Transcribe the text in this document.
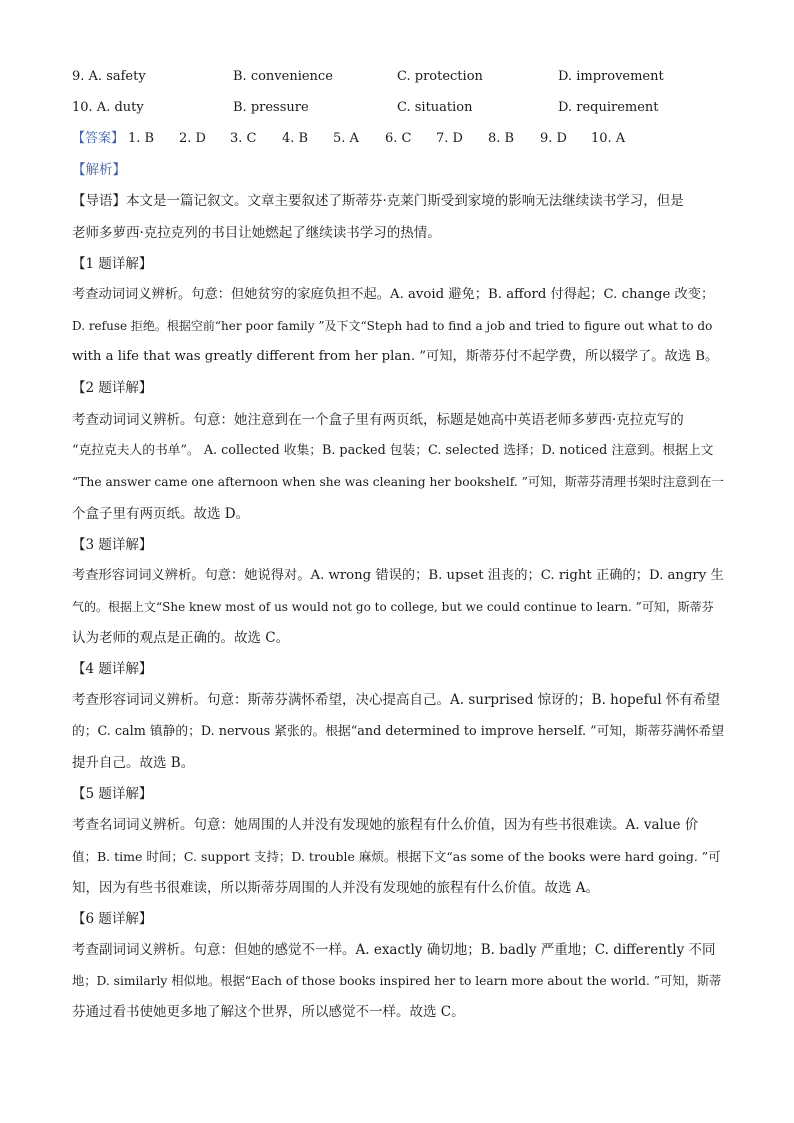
9. A. safety	B. convenience	C. protection	D. improvement
10. A. duty	B. pressure	C. situation	D. requirement
【答案】 1. B 2. D 3. C 4. B 5. A 6. C 7. D 8. B 9. D 10. A
【解析】
【导语】本文是一篇记叙文。文章主要叙述了斯蒂芬·克莱门斯受到家境的影响无法继续读书学习，但是
老师多萝西·克拉克列的书目让她燃起了继续读书学习的热情。
【1 题详解】
考查动词词义辨析。句意：但她贫穷的家庭负担不起。A. avoid 避免；B. afford 付得起；C. change 改变；
D. refuse 拒绝。根据空前“her poor family ”及下文“Steph had to find a job and tried to figure out what to do
with a life that was greatly different from her plan. ”可知，斯蒂芬付不起学费，所以辍学了。故选 B。
【2 题详解】
考查动词词义辨析。句意：她注意到在一个盒子里有两页纸，标题是她高中英语老师多萝西·克拉克写的
“克拉克夫人的书单”。 A. collected 收集；B. packed 包装；C. selected 选择；D. noticed 注意到。根据上文
“The answer came one afternoon when she was cleaning her bookshelf. ”可知，斯蒂芬清理书架时注意到在一
个盒子里有两页纸。故选 D。
【3 题详解】
考查形容词词义辨析。句意：她说得对。A. wrong 错误的；B. upset 沮丧的；C. right 正确的；D. angry 生
气的。根据上文“She knew most of us would not go to college, but we could continue to learn. ”可知，斯蒂芬
认为老师的观点是正确的。故选 C。
【4 题详解】
考查形容词词义辨析。句意：斯蒂芬满怀希望，决心提高自己。A. surprised 惊讶的；B. hopeful 怀有希望
的；C. calm 镇静的；D. nervous 紧张的。根据“and determined to improve herself. ”可知，斯蒂芬满怀希望
提升自己。故选 B。
【5 题详解】
考查名词词义辨析。句意：她周围的人并没有发现她的旅程有什么价值，因为有些书很难读。A. value 价
值；B. time 时间；C. support 支持；D. trouble 麻烦。根据下文“as some of the books were hard going. ”可
知，因为有些书很难读，所以斯蒂芬周围的人并没有发现她的旅程有什么价值。故选 A。
【6 题详解】
考查副词词义辨析。句意：但她的感觉不一样。A. exactly 确切地；B. badly 严重地；C. differently 不同
地；D. similarly 相似地。根据“Each of those books inspired her to learn more about the world. ”可知，斯蒂
芬通过看书使她更多地了解这个世界，所以感觉不一样。故选 C。
